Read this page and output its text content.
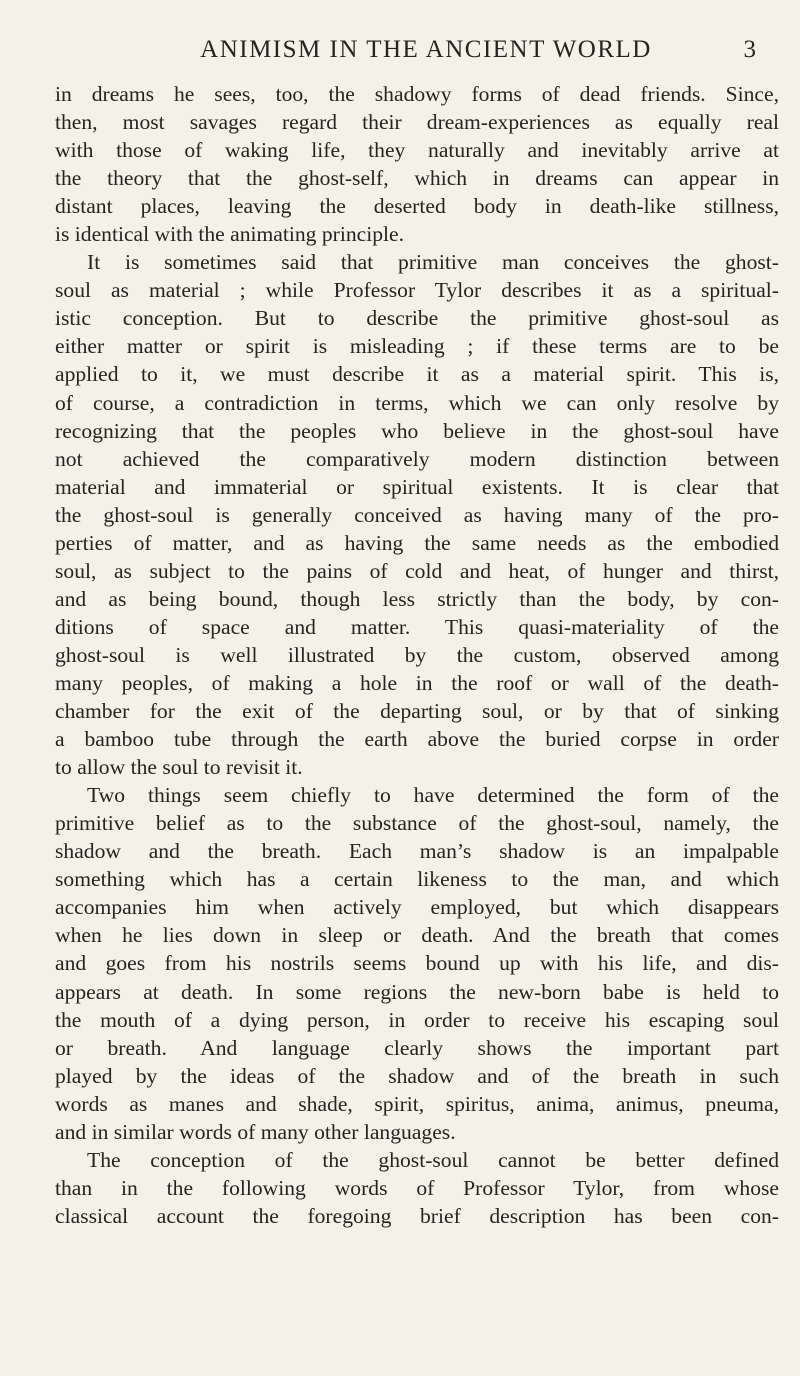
ANIMISM IN THE ANCIENT WORLD	3
in dreams he sees, too, the shadowy forms of dead friends. Since,
then, most savages regard their dream-experiences as equally real
with those of waking life, they naturally and inevitably arrive at
the theory that the ghost-self, which in dreams can appear in
distant places, leaving the deserted body in death-like stillness,
is identical with the animating principle.
It is sometimes said that primitive man conceives the ghost-
soul as material ; while Professor Tylor describes it as a spiritual-
istic conception. But to describe the primitive ghost-soul as
either matter or spirit is misleading ; if these terms are to be
applied to it, we must describe it as a material spirit. This is,
of course, a contradiction in terms, which we can only resolve by
recognizing that the peoples who believe in the ghost-soul have
not achieved the comparatively modern distinction between
material and immaterial or spiritual existents. It is clear that
the ghost-soul is generally conceived as having many of the pro-
perties of matter, and as having the same needs as the embodied
soul, as subject to the pains of cold and heat, of hunger and thirst,
and as being bound, though less strictly than the body, by con-
ditions of space and matter. This quasi-materiality of the
ghost-soul is well illustrated by the custom, observed among
many peoples, of making a hole in the roof or wall of the death-
chamber for the exit of the departing soul, or by that of sinking
a bamboo tube through the earth above the buried corpse in order
to allow the soul to revisit it.
Two things seem chiefly to have determined the form of the
primitive belief as to the substance of the ghost-soul, namely, the
shadow and the breath. Each man’s shadow is an impalpable
something which has a certain likeness to the man, and which
accompanies him when actively employed, but which disappears
when he lies down in sleep or death. And the breath that comes
and goes from his nostrils seems bound up with his life, and dis-
appears at death. In some regions the new-born babe is held to
the mouth of a dying person, in order to receive his escaping soul
or breath. And language clearly shows the important part
played by the ideas of the shadow and of the breath in such
words as manes and shade, spirit, spiritus, anima, animus, pneuma,
and in similar words of many other languages.
The conception of the ghost-soul cannot be better defined
than in the following words of Professor Tylor, from whose
classical account the foregoing brief description has been con-
